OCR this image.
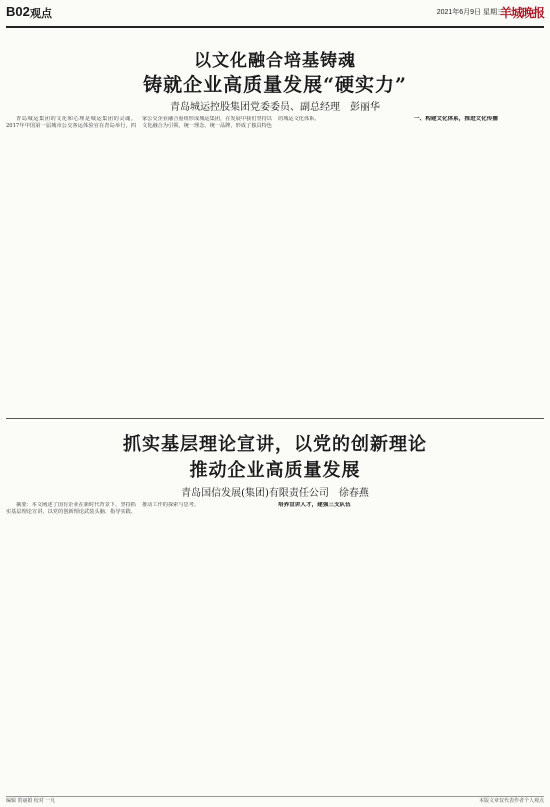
B02 观点	2021年6月9日 星期三
羊城晚报
以文化融合培基铸魂
铸就企业高质量发展“硬实力”
青岛城运控股集团党委委员、副总经理　彭丽华

青岛城运集团的文化和心理是城运集团的灵魂。2017年中国第一届城市公交客运体验官在青岛举行，四家公交企业融合重组形成城运集团，在发展中我们坚持以文化融合为引领，统一理念、统一品牌，形成了独具特色的城运文化体系。	一、构建文化体系，推进文化传播
抓实基层理论宣讲，以党的创新理论
推动企业高质量发展
青岛国信发展(集团)有限责任公司　徐春燕

摘要：本文阐述了国有企业在新时代背景下，坚持抓实基层理论宣讲，以党的创新理论武装头脑、指导实践、推动工作的探索与思考。	培养宣讲人才，建强三支队伍
编辑 贺丽娟 校对 一凡	本版文章仅代表作者个人观点
